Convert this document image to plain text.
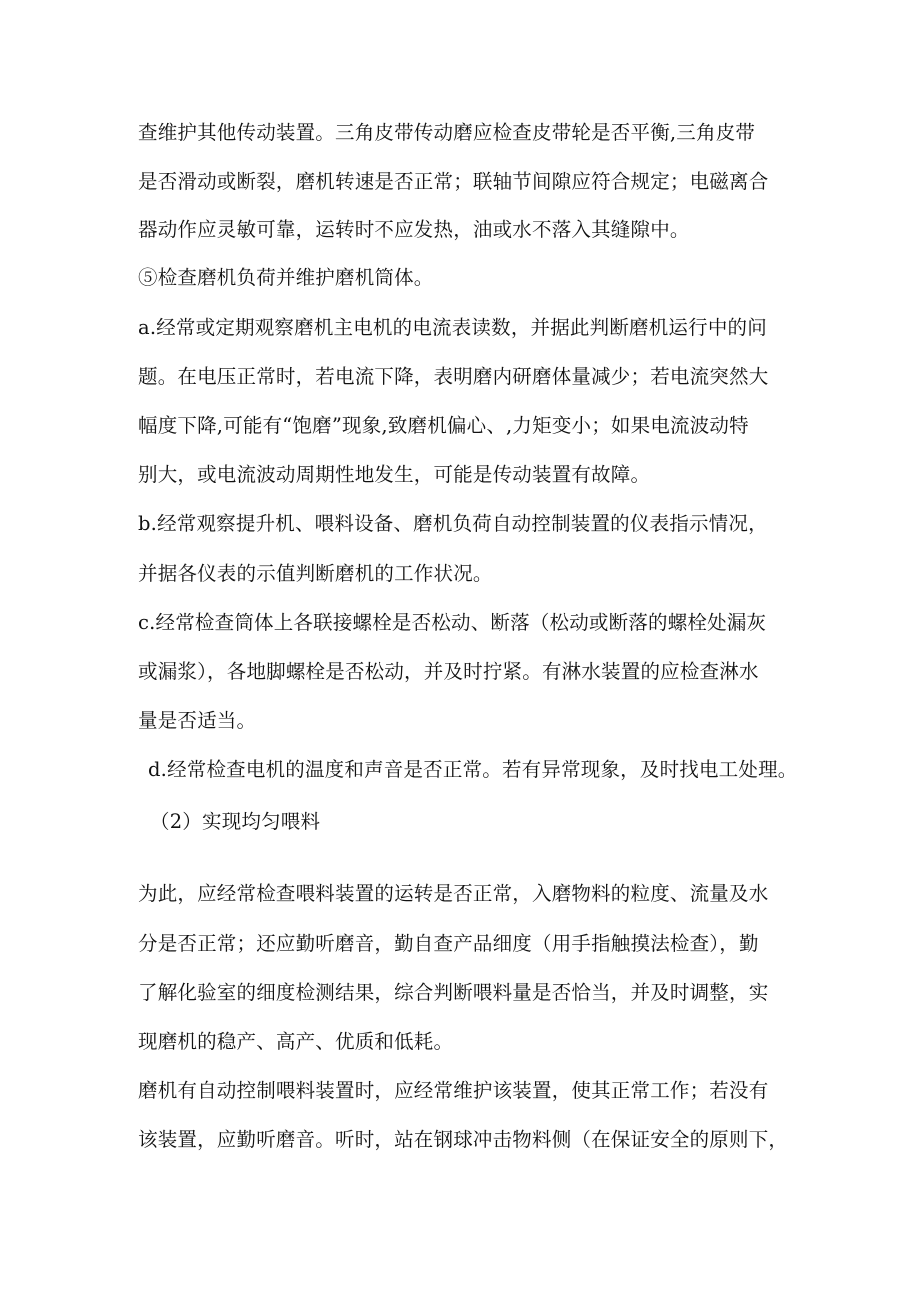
查维护其他传动装置。三角皮带传动磨应检查皮带轮是否平衡,三角皮带

是否滑动或断裂，磨机转速是否正常；联轴节间隙应符合规定；电磁离合

器动作应灵敏可靠，运转时不应发热，油或水不落入其缝隙中。

⑤检查磨机负荷并维护磨机筒体。

a.经常或定期观察磨机主电机的电流表读数，并据此判断磨机运行中的问

题。在电压正常时，若电流下降，表明磨内研磨体量减少；若电流突然大

幅度下降,可能有“饱磨”现象,致磨机偏心、,力矩变小；如果电流波动特

别大，或电流波动周期性地发生，可能是传动装置有故障。

b.经常观察提升机、喂料设备、磨机负荷自动控制装置的仪表指示情况，

并据各仪表的示值判断磨机的工作状况。

c.经常检查筒体上各联接螺栓是否松动、断落（松动或断落的螺栓处漏灰

或漏浆），各地脚螺栓是否松动，并及时拧紧。有淋水装置的应检查淋水

量是否适当。

d.经常检查电机的温度和声音是否正常。若有异常现象，及时找电工处理。

（2）实现均匀喂料

为此，应经常检查喂料装置的运转是否正常，入磨物料的粒度、流量及水

分是否正常；还应勤听磨音，勤自查产品细度（用手指触摸法检查），勤

了解化验室的细度检测结果，综合判断喂料量是否恰当，并及时调整，实

现磨机的稳产、高产、优质和低耗。

磨机有自动控制喂料装置时，应经常维护该装置，使其正常工作；若没有

该装置，应勤听磨音。听时，站在钢球冲击物料侧（在保证安全的原则下，
